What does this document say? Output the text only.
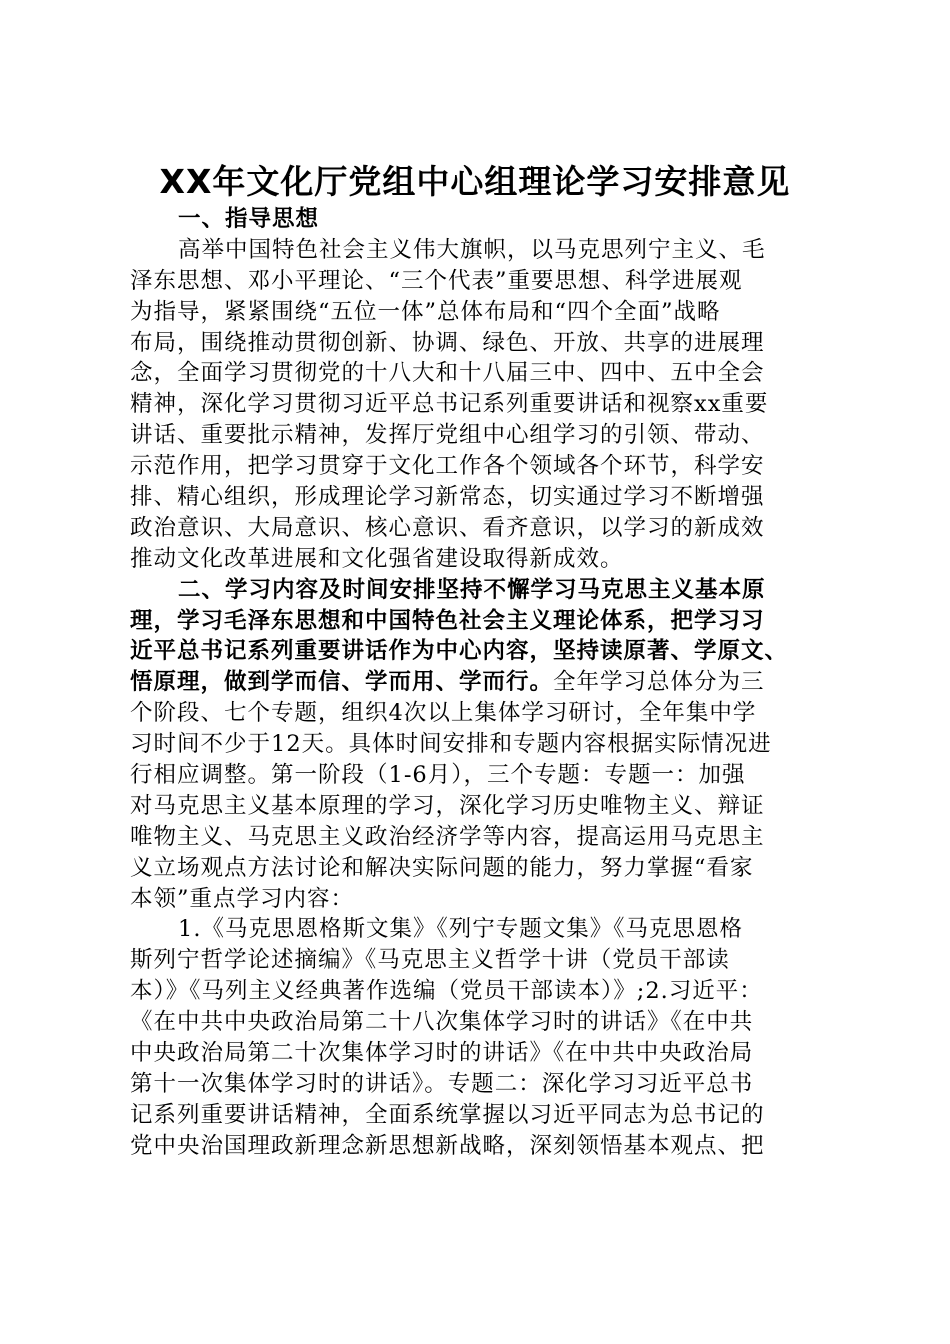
XX年文化厅党组中心组理论学习安排意见
一、指导思想
高举中国特色社会主义伟大旗帜，以马克思列宁主义、毛
泽东思想、邓小平理论、“三个代表”重要思想、科学进展观
为指导，紧紧围绕“五位一体”总体布局和“四个全面”战略
布局，围绕推动贯彻创新、协调、绿色、开放、共享的进展理
念，全面学习贯彻党的十八大和十八届三中、四中、五中全会
精神，深化学习贯彻习近平总书记系列重要讲话和视察xx重要
讲话、重要批示精神，发挥厅党组中心组学习的引领、带动、
示范作用，把学习贯穿于文化工作各个领域各个环节，科学安
排、精心组织，形成理论学习新常态，切实通过学习不断增强
政治意识、大局意识、核心意识、看齐意识，以学习的新成效
推动文化改革进展和文化强省建设取得新成效。
二、学习内容及时间安排坚持不懈学习马克思主义基本原
理，学习毛泽东思想和中国特色社会主义理论体系，把学习习
近平总书记系列重要讲话作为中心内容，坚持读原著、学原文、
悟原理，做到学而信、学而用、学而行。全年学习总体分为三
个阶段、七个专题，组织4次以上集体学习研讨，全年集中学
习时间不少于12天。具体时间安排和专题内容根据实际情况进
行相应调整。第一阶段（1-6月），三个专题：专题一：加强
对马克思主义基本原理的学习，深化学习历史唯物主义、辩证
唯物主义、马克思主义政治经济学等内容，提高运用马克思主
义立场观点方法讨论和解决实际问题的能力，努力掌握“看家
本领”重点学习内容：
1.《马克思恩格斯文集》《列宁专题文集》《马克思恩格
斯列宁哲学论述摘编》《马克思主义哲学十讲（党员干部读
本）》《马列主义经典著作选编（党员干部读本）》;2.习近平：
《在中共中央政治局第二十八次集体学习时的讲话》《在中共
中央政治局第二十次集体学习时的讲话》《在中共中央政治局
第十一次集体学习时的讲话》。专题二：深化学习习近平总书
记系列重要讲话精神，全面系统掌握以习近平同志为总书记的
党中央治国理政新理念新思想新战略，深刻领悟基本观点、把
